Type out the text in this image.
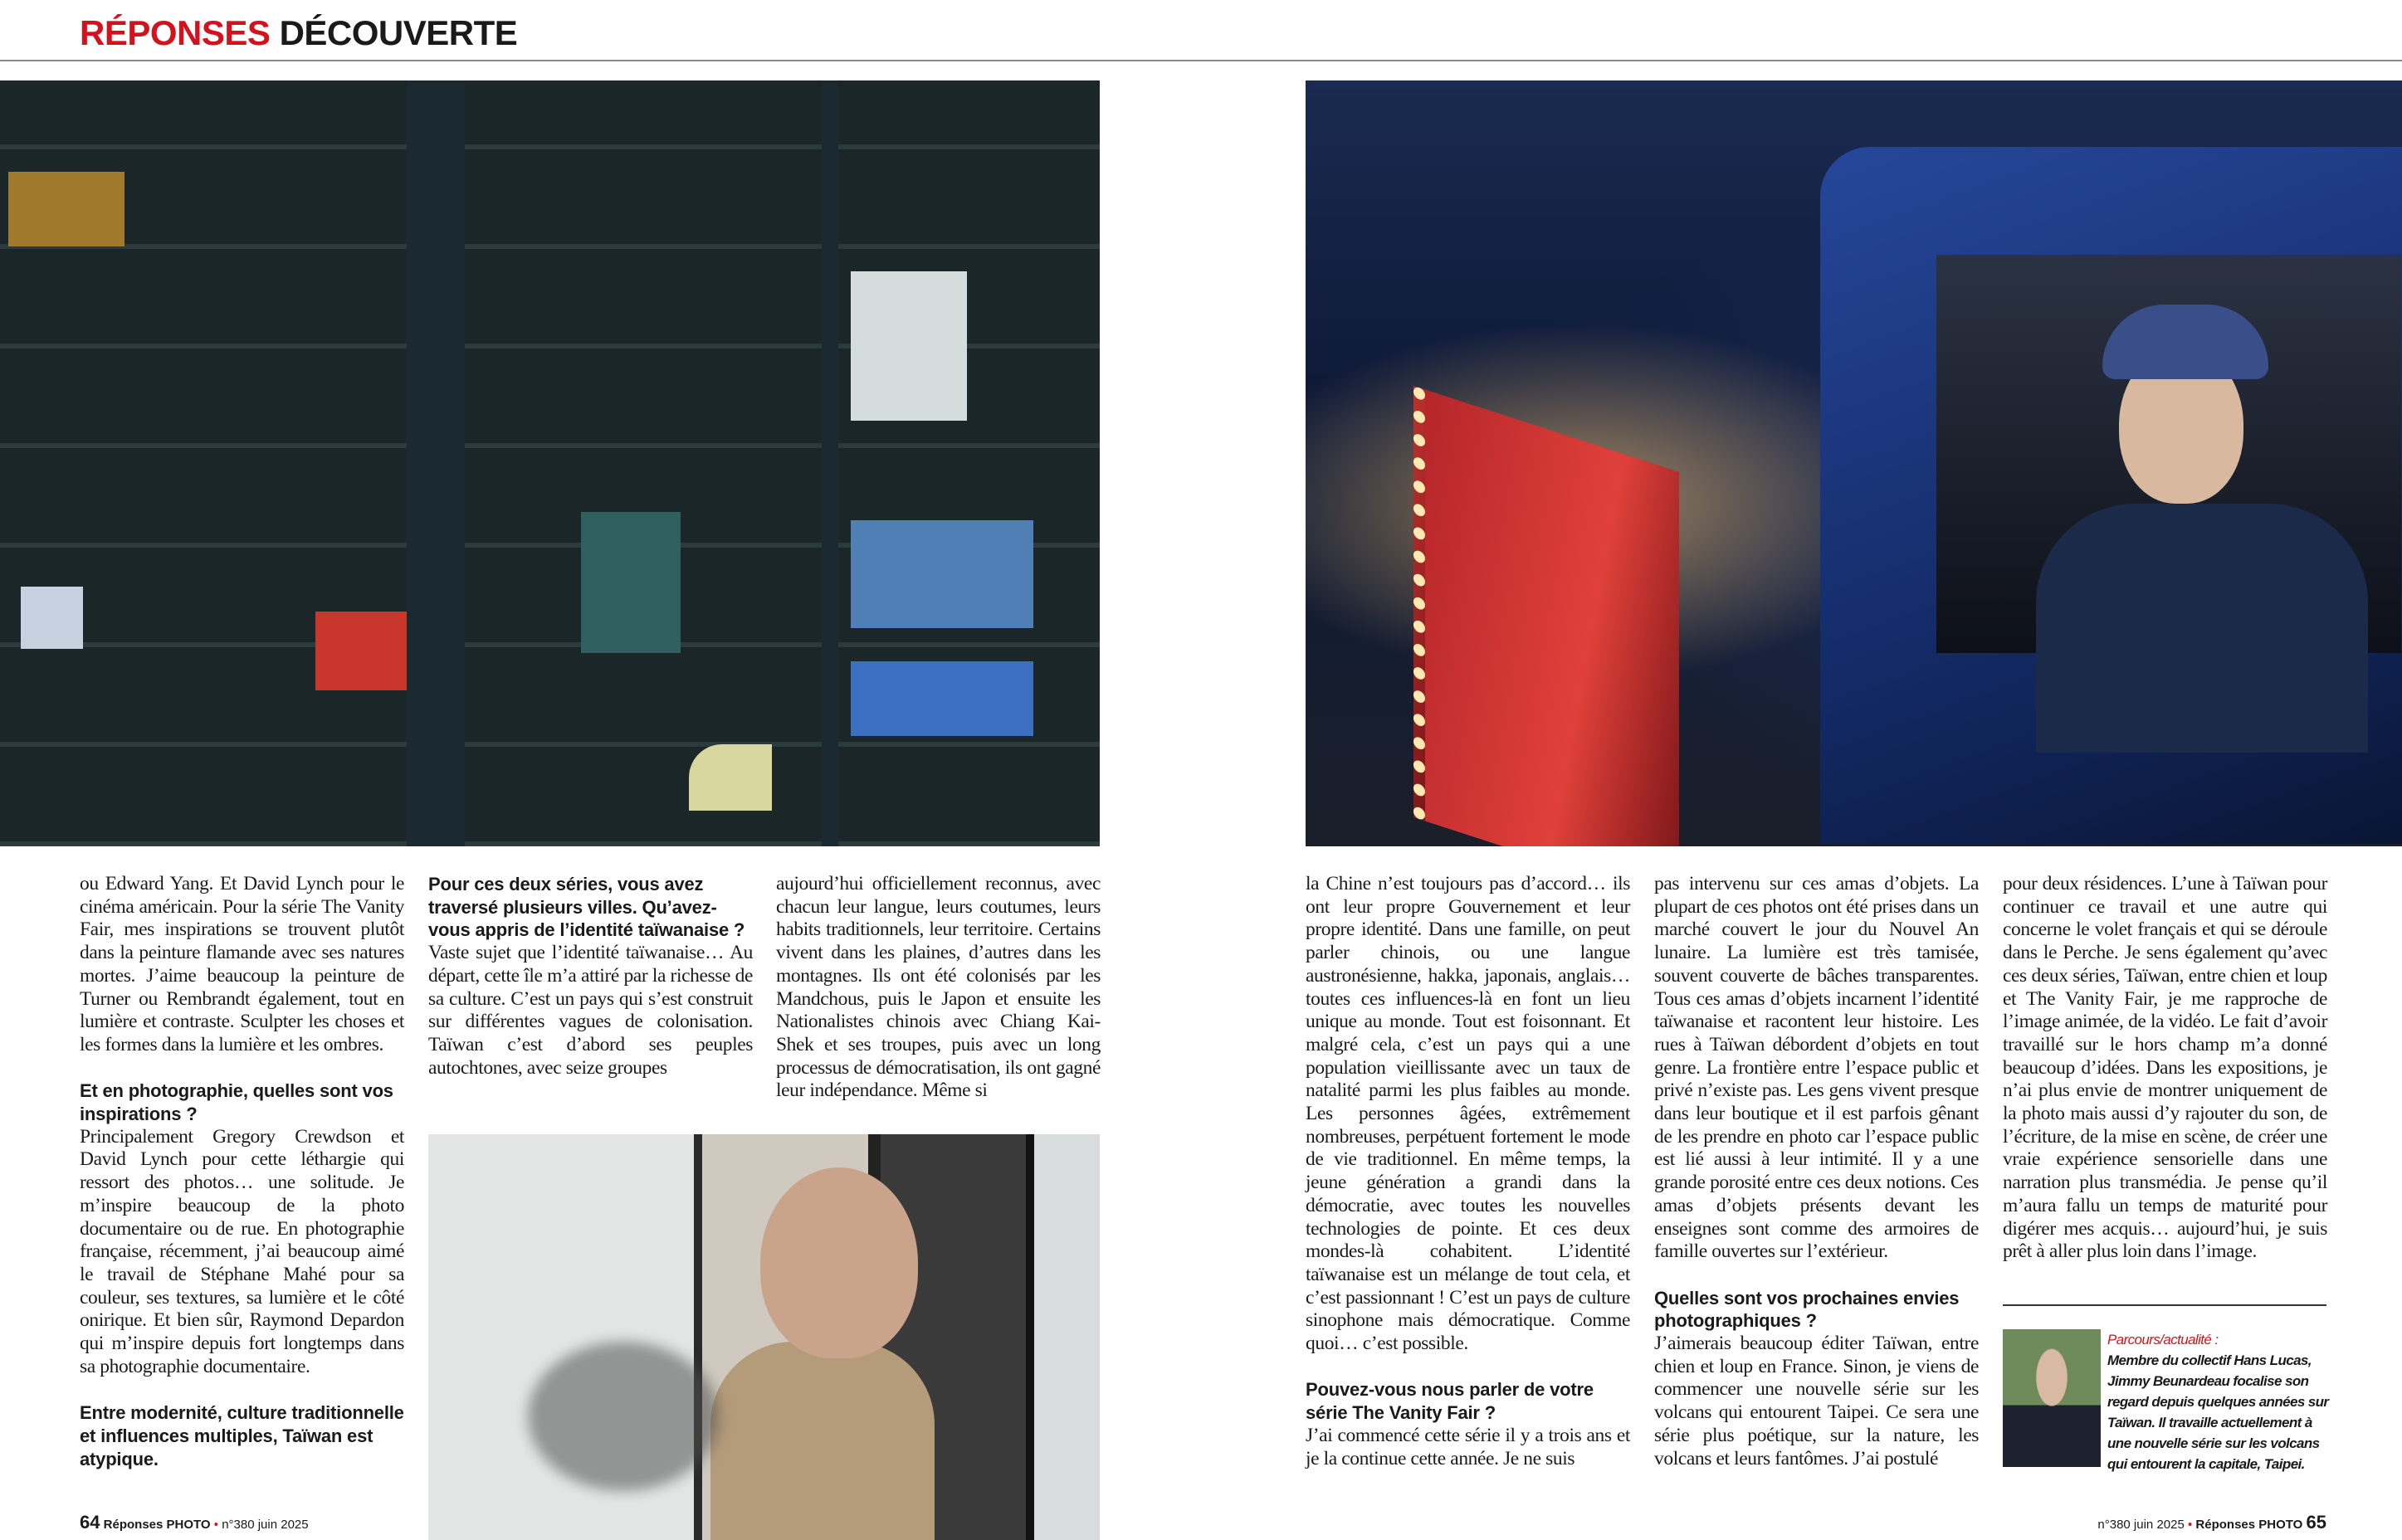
RÉPONSES DÉCOUVERTE

ou Edward Yang. Et David Lynch pour le cinéma américain. Pour la série The Vanity Fair, mes inspirations se trouvent plutôt dans la peinture flamande avec ses natures mortes. J’aime beaucoup la peinture de Turner ou Rembrandt également, tout en lumière et contraste. Sculpter les choses et les formes dans la lumière et les ombres.

Et en photographie, quelles sont vos inspirations ?

Principalement Gregory Crewdson et David Lynch pour cette léthargie qui ressort des photos… une solitude. Je m’inspire beaucoup de la photo documentaire ou de rue. En photographie française, récemment, j’ai beaucoup aimé le travail de Stéphane Mahé pour sa couleur, ses textures, sa lumière et le côté onirique. Et bien sûr, Raymond Depardon qui m’inspire depuis fort longtemps dans sa photographie documentaire.

Entre modernité, culture traditionnelle et influences multiples, Taïwan est atypique.
Pour ces deux séries, vous avez traversé plusieurs villes. Qu’avez-vous appris de l’identité taïwanaise ?

Vaste sujet que l’identité taïwanaise… Au départ, cette île m’a attiré par la richesse de sa culture. C’est un pays qui s’est construit sur différentes vagues de colonisation. Taïwan c’est d’abord ses peuples autochtones, avec seize groupes

aujourd’hui officiellement reconnus, avec chacun leur langue, leurs coutumes, leurs habits traditionnels, leur territoire. Certains vivent dans les plaines, d’autres dans les montagnes. Ils ont été colonisés par les Mandchous, puis le Japon et ensuite les Nationalistes chinois avec Chiang Kai-Shek et ses troupes, puis avec un long processus de démocratisation, ils ont gagné leur indépendance. Même si

la Chine n’est toujours pas d’accord… ils ont leur propre Gouvernement et leur propre identité. Dans une famille, on peut parler chinois, ou une langue austronésienne, hakka, japonais, anglais… toutes ces influences-là en font un lieu unique au monde. Tout est foisonnant. Et malgré cela, c’est un pays qui a une population vieillissante avec un taux de natalité parmi les plus faibles au monde. Les personnes âgées, extrêmement nombreuses, perpétuent fortement le mode de vie traditionnel. En même temps, la jeune génération a grandi dans la démocratie, avec toutes les nouvelles technologies de pointe. Et ces deux mondes-là cohabitent. L’identité taïwanaise est un mélange de tout cela, et c’est passionnant ! C’est un pays de culture sinophone mais démocratique. Comme quoi… c’est possible.

Pouvez-vous nous parler de votre série The Vanity Fair ?

J’ai commencé cette série il y a trois ans et je la continue cette année. Je ne suis

pas intervenu sur ces amas d’objets. La plupart de ces photos ont été prises dans un marché couvert le jour du Nouvel An lunaire. La lumière est très tamisée, souvent couverte de bâches transparentes. Tous ces amas d’objets incarnent l’identité taïwanaise et racontent leur histoire. Les rues à Taïwan débordent d’objets en tout genre. La frontière entre l’espace public et privé n’existe pas. Les gens vivent presque dans leur boutique et il est parfois gênant de les prendre en photo car l’espace public est lié aussi à leur intimité. Il y a une grande porosité entre ces deux notions. Ces amas d’objets présents devant les enseignes sont comme des armoires de famille ouvertes sur l’extérieur.

Quelles sont vos prochaines envies photographiques ?

J’aimerais beaucoup éditer Taïwan, entre chien et loup en France. Sinon, je viens de commencer une nouvelle série sur les volcans qui entourent Taipei. Ce sera une série plus poétique, sur la nature, les volcans et leurs fantômes. J’ai postulé

pour deux résidences. L’une à Taïwan pour continuer ce travail et une autre qui concerne le volet français et qui se déroule dans le Perche. Je sens également qu’avec ces deux séries, Taïwan, entre chien et loup et The Vanity Fair, je me rapproche de l’image animée, de la vidéo. Le fait d’avoir travaillé sur le hors champ m’a donné beaucoup d’idées. Dans les expositions, je n’ai plus envie de montrer uniquement de la photo mais aussi d’y rajouter du son, de l’écriture, de la mise en scène, de créer une vraie expérience sensorielle dans une narration plus transmédia. Je pense qu’il m’aura fallu un temps de maturité pour digérer mes acquis… aujourd’hui, je suis prêt à aller plus loin dans l’image.

Parcours/actualité :
Membre du collectif Hans Lucas, Jimmy Beunardeau focalise son regard depuis quelques années sur Taïwan. Il travaille actuellement à une nouvelle série sur les volcans qui entourent la capitale, Taipei.
64 Réponses PHOTO • n°380 juin 2025	n°380 juin 2025 • Réponses PHOTO 65
